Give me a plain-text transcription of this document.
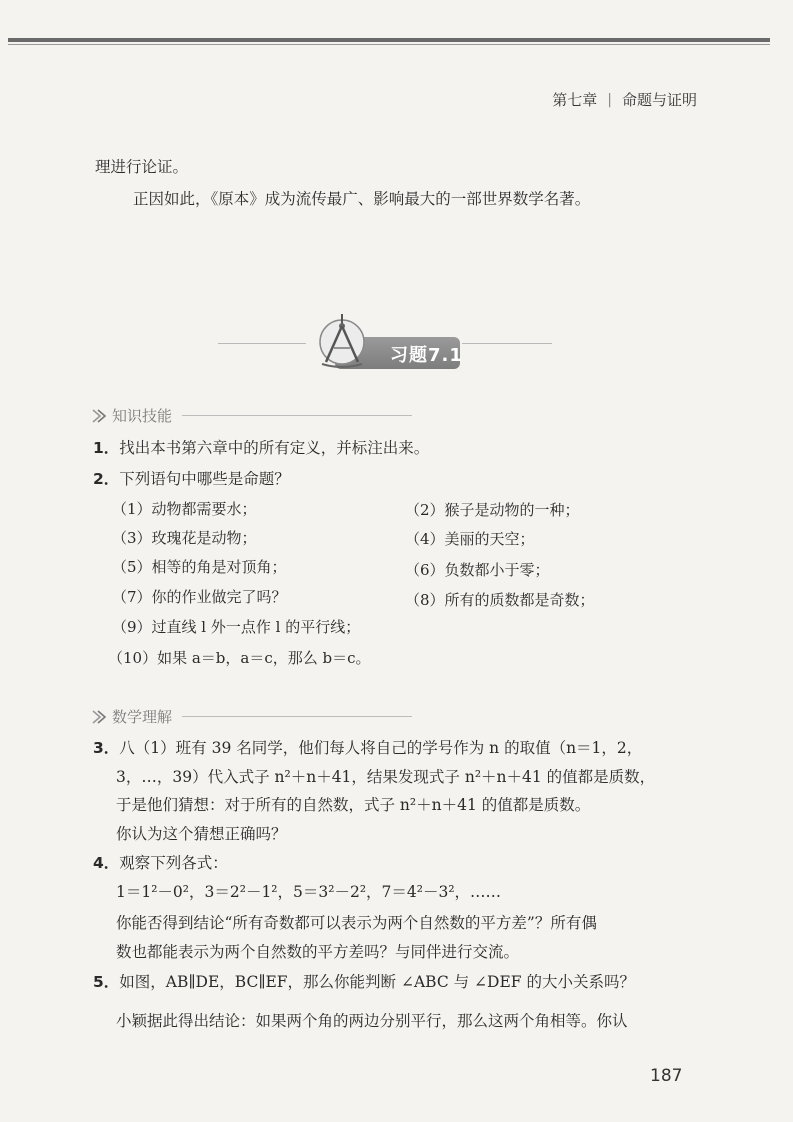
第七章 | 命题与证明
理进行论证。
正因如此，《原本》成为流传最广、影响最大的一部世界数学名著。
习题7.1
知识技能
1．找出本书第六章中的所有定义，并标注出来。
2．下列语句中哪些是命题？
（1）动物都需要水；	（2）猴子是动物的一种；
（3）玫瑰花是动物；	（4）美丽的天空；
（5）相等的角是对顶角；	（6）负数都小于零；
（7）你的作业做完了吗？	（8）所有的质数都是奇数；
（9）过直线 l 外一点作 l 的平行线；
（10）如果 a＝b，a＝c，那么 b＝c。
数学理解
3．八（1）班有 39 名同学，他们每人将自己的学号作为 n 的取值（n＝1，2，
3，…，39）代入式子 n²＋n＋41，结果发现式子 n²＋n＋41 的值都是质数，
于是他们猜想：对于所有的自然数，式子 n²＋n＋41 的值都是质数。
你认为这个猜想正确吗？
4．观察下列各式：
1＝1²－0²，3＝2²－1²，5＝3²－2²，7＝4²－3²，……
你能否得到结论“所有奇数都可以表示为两个自然数的平方差”？所有偶
数也都能表示为两个自然数的平方差吗？与同伴进行交流。
5．如图，AB∥DE，BC∥EF，那么你能判断 ∠ABC 与 ∠DEF 的大小关系吗？
小颖据此得出结论：如果两个角的两边分别平行，那么这两个角相等。你认
187
